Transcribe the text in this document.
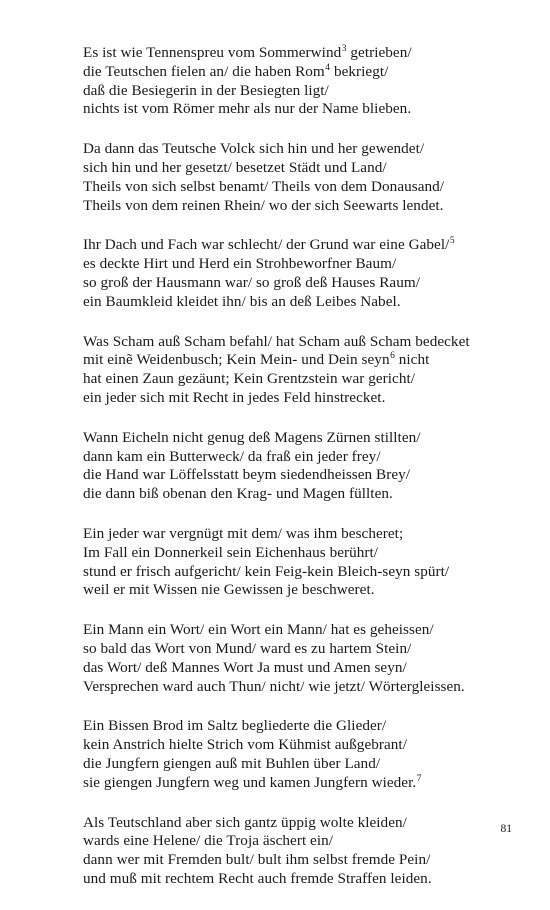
Es ist wie Tennenspreu vom Sommerwind$^3$ getrieben/
die Teutschen fielen an/ die haben Rom$^4$ bekriegt/
daß die Besiegerin in der Besiegten ligt/
nichts ist vom Römer mehr als nur der Name blieben.
Da dann das Teutsche Volck sich hin und her gewendet/
sich hin und her gesetzt/ besetzet Städt und Land/
Theils von sich selbst benamt/ Theils von dem Donausand/
Theils von dem reinen Rhein/ wo der sich Seewarts lendet.
Ihr Dach und Fach war schlecht/ der Grund war eine Gabel/$^5$
es deckte Hirt und Herd ein Strohbeworfner Baum/
so groß der Hausmann war/ so groß deß Hauses Raum/
ein Baumkleid kleidet ihn/ bis an deß Leibes Nabel.
Was Scham auß Scham befahl/ hat Scham auß Scham bedecket
mit einẽ Weidenbusch; Kein Mein- und Dein seyn$^6$ nicht
hat einen Zaun gezäunt; Kein Grentzstein war gericht/
ein jeder sich mit Recht in jedes Feld hinstrecket.
Wann Eicheln nicht genug deß Magens Zürnen stillten/
dann kam ein Butterweck/ da fraß ein jeder frey/
die Hand war Löffelsstatt beym siedendheissen Brey/
die dann biß obenan den Krag- und Magen füllten.
Ein jeder war vergnügt mit dem/ was ihm bescheret;
Im Fall ein Donnerkeil sein Eichenhaus berührt/
stund er frisch aufgericht/ kein Feig-kein Bleich-seyn spürt/
weil er mit Wissen nie Gewissen je beschweret.
Ein Mann ein Wort/ ein Wort ein Mann/ hat es geheissen/
so bald das Wort von Mund/ ward es zu hartem Stein/
das Wort/ deß Mannes Wort Ja must und Amen seyn/
Versprechen ward auch Thun/ nicht/ wie jetzt/ Wörtergleissen.
Ein Bissen Brod im Saltz begliederte die Glieder/
kein Anstrich hielte Strich vom Kühmist außgebrant/
die Jungfern giengen auß mit Buhlen über Land/
sie giengen Jungfern weg und kamen Jungfern wieder.$^7$
Als Teutschland aber sich gantz üppig wolte kleiden/
wards eine Helene/ die Troja äschert ein/
dann wer mit Fremden bult/ bult ihm selbst fremde Pein/
und muß mit rechtem Recht auch fremde Straffen leiden.
81
